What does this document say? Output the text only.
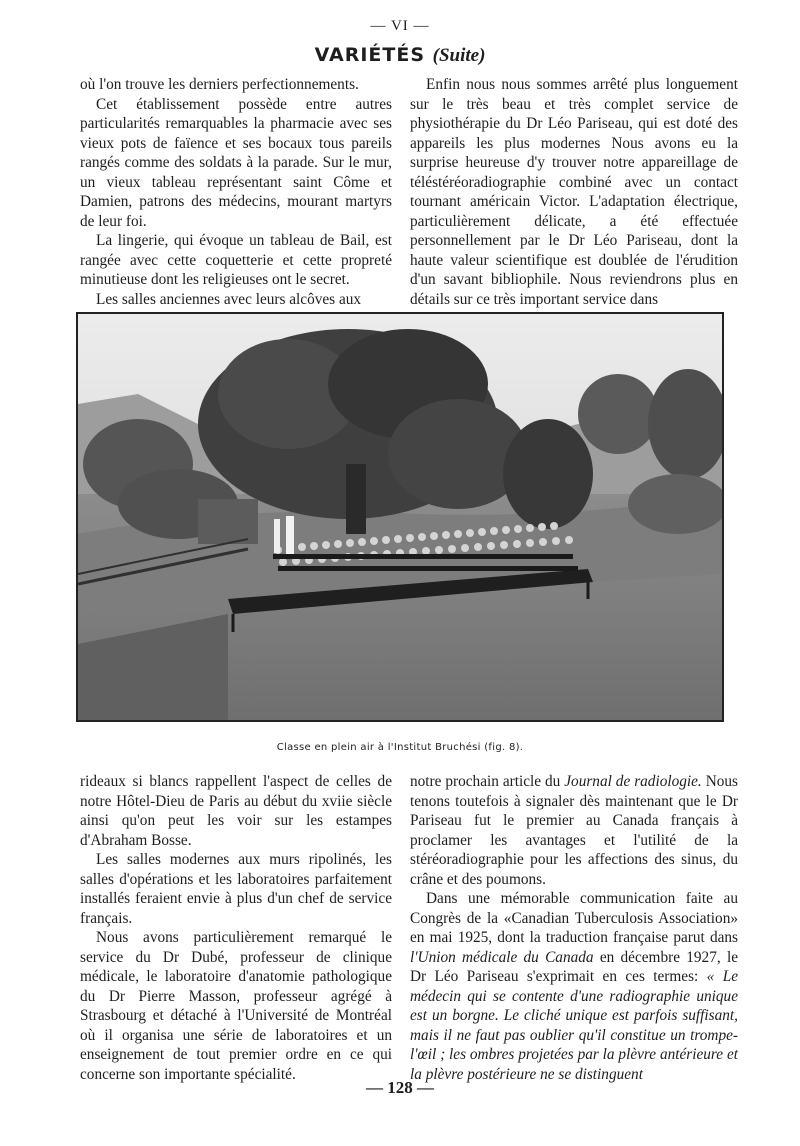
— VI —
VARIÉTÉS (Suite)

où l'on trouve les derniers perfectionnements.

Cet établissement possède entre autres particularités remarquables la pharmacie avec ses vieux pots de faïence et ses bocaux tous pareils rangés comme des soldats à la parade. Sur le mur, un vieux tableau représentant saint Côme et Damien, patrons des médecins, mourant martyrs de leur foi.

La lingerie, qui évoque un tableau de Bail, est rangée avec cette coquetterie et cette propreté minutieuse dont les religieuses ont le secret.

Les salles anciennes avec leurs alcôves aux

Enfin nous nous sommes arrêté plus longuement sur le très beau et très complet service de physiothérapie du Dr Léo Pariseau, qui est doté des appareils les plus modernes Nous avons eu la surprise heureuse d'y trouver notre appareillage de téléstéréoradiographie combiné avec un contact tournant américain Victor. L'adaptation électrique, particulièrement délicate, a été effectuée personnellement par le Dr Léo Pariseau, dont la haute valeur scientifique est doublée de l'érudition d'un savant bibliophile. Nous reviendrons plus en détails sur ce très important service dans

Classe en plein air à l'Institut Bruchési (fig. 8).

rideaux si blancs rappellent l'aspect de celles de notre Hôtel-Dieu de Paris au début du xviie siècle ainsi qu'on peut les voir sur les estampes d'Abraham Bosse.

Les salles modernes aux murs ripolinés, les salles d'opérations et les laboratoires parfaitement installés feraient envie à plus d'un chef de service français.

Nous avons particulièrement remarqué le service du Dr Dubé, professeur de clinique médicale, le laboratoire d'anatomie pathologique du Dr Pierre Masson, professeur agrégé à Strasbourg et détaché à l'Université de Montréal où il organisa une série de laboratoires et un enseignement de tout premier ordre en ce qui concerne son importante spécialité.

notre prochain article du Journal de radiologie. Nous tenons toutefois à signaler dès maintenant que le Dr Pariseau fut le premier au Canada français à proclamer les avantages et l'utilité de la stéréoradiographie pour les affections des sinus, du crâne et des poumons.

Dans une mémorable communication faite au Congrès de la «Canadian Tuberculosis Association» en mai 1925, dont la traduction française parut dans l'Union médicale du Canada en décembre 1927, le Dr Léo Pariseau s'exprimait en ces termes: « Le médecin qui se contente d'une radiographie unique est un borgne. Le cliché unique est parfois suffisant, mais il ne faut pas oublier qu'il constitue un trompe-l'œil ; les ombres projetées par la plèvre antérieure et la plèvre postérieure ne se distinguent

— 128 —
